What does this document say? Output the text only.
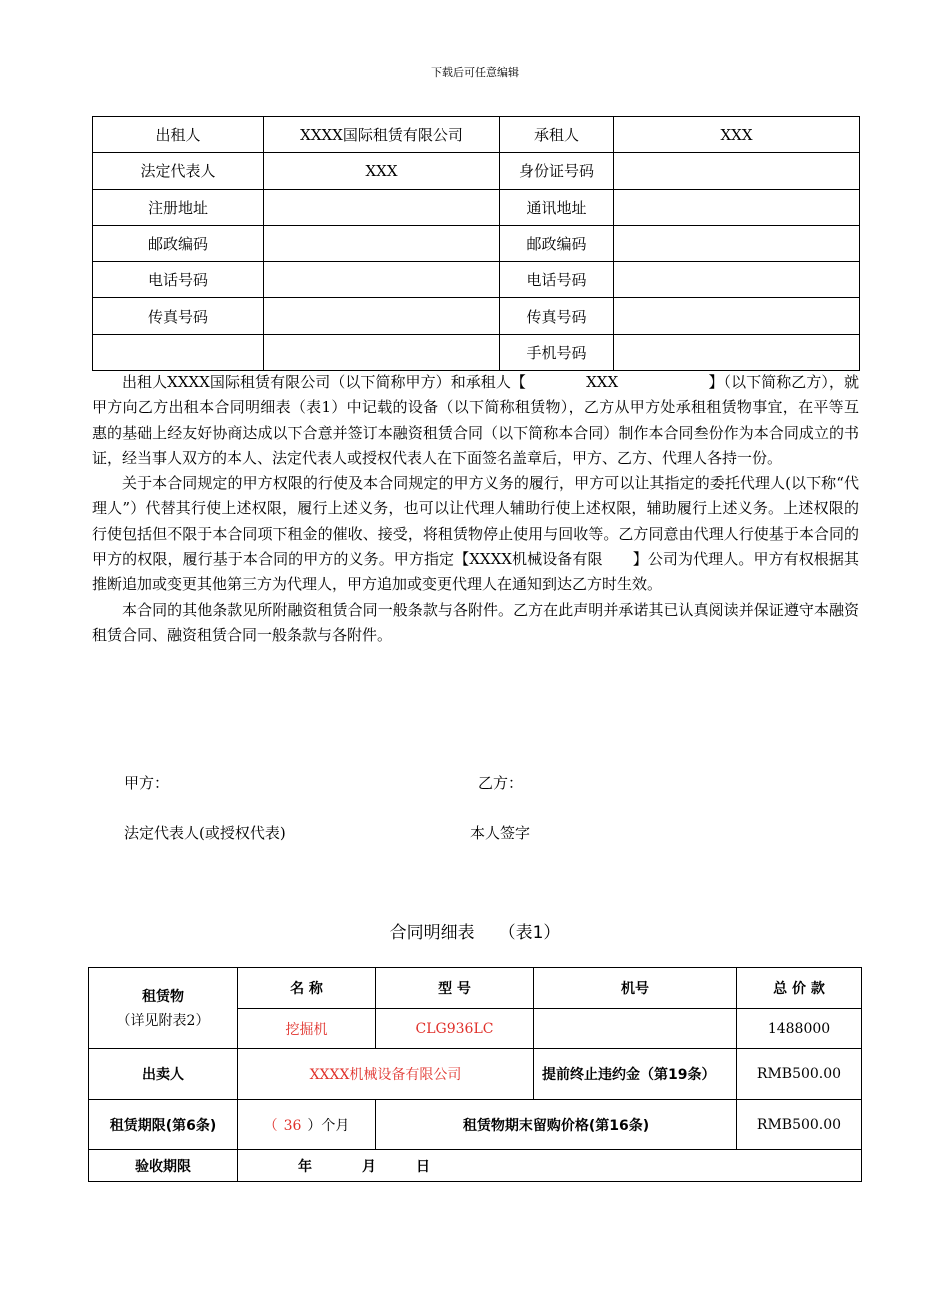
下载后可任意编辑
出租人	XXXX国际租赁有限公司	承租人	XXX
法定代表人	XXX	身份证号码	
注册地址		通讯地址	
邮政编码		邮政编码	
电话号码		电话号码	
传真号码		传真号码	
		手机号码	

出租人XXXX国际租赁有限公司（以下简称甲方）和承租人【　　　　XXX　　　　　　】（以下简称乙方），就甲方向乙方出租本合同明细表（表1）中记载的设备（以下简称租赁物），乙方从甲方处承租租赁物事宜，在平等互惠的基础上经友好协商达成以下合意并签订本融资租赁合同（以下简称本合同）制作本合同叁份作为本合同成立的书证，经当事人双方的本人、法定代表人或授权代表人在下面签名盖章后，甲方、乙方、代理人各持一份。

关于本合同规定的甲方权限的行使及本合同规定的甲方义务的履行，甲方可以让其指定的委托代理人(以下称“代理人”）代替其行使上述权限，履行上述义务，也可以让代理人辅助行使上述权限，辅助履行上述义务。上述权限的行使包括但不限于本合同项下租金的催收、接受，将租赁物停止使用与回收等。乙方同意由代理人行使基于本合同的甲方的权限，履行基于本合同的甲方的义务。甲方指定【XXXX机械设备有限　　】公司为代理人。甲方有权根据其推断追加或变更其他第三方为代理人，甲方追加或变更代理人在通知到达乙方时生效。

本合同的其他条款见所附融资租赁合同一般条款与各附件。乙方在此声明并承诺其已认真阅读并保证遵守本融资租赁合同、融资租赁合同一般条款与各附件。

甲方：	乙方：
法定代表人(或授权代表)	本人签字
合同明细表 （表1）
租赁物
（详见附表2）	名 称	型 号	机号	总 价 款
	挖掘机	CLG936LC		1488000
出卖人	XXXX机械设备有限公司		提前终止违约金（第19条）	RMB500.00
租赁期限(第6条)	（ 36 ）个月	租赁物期末留购价格(第16条)		RMB500.00
验收期限	年 月 日			
